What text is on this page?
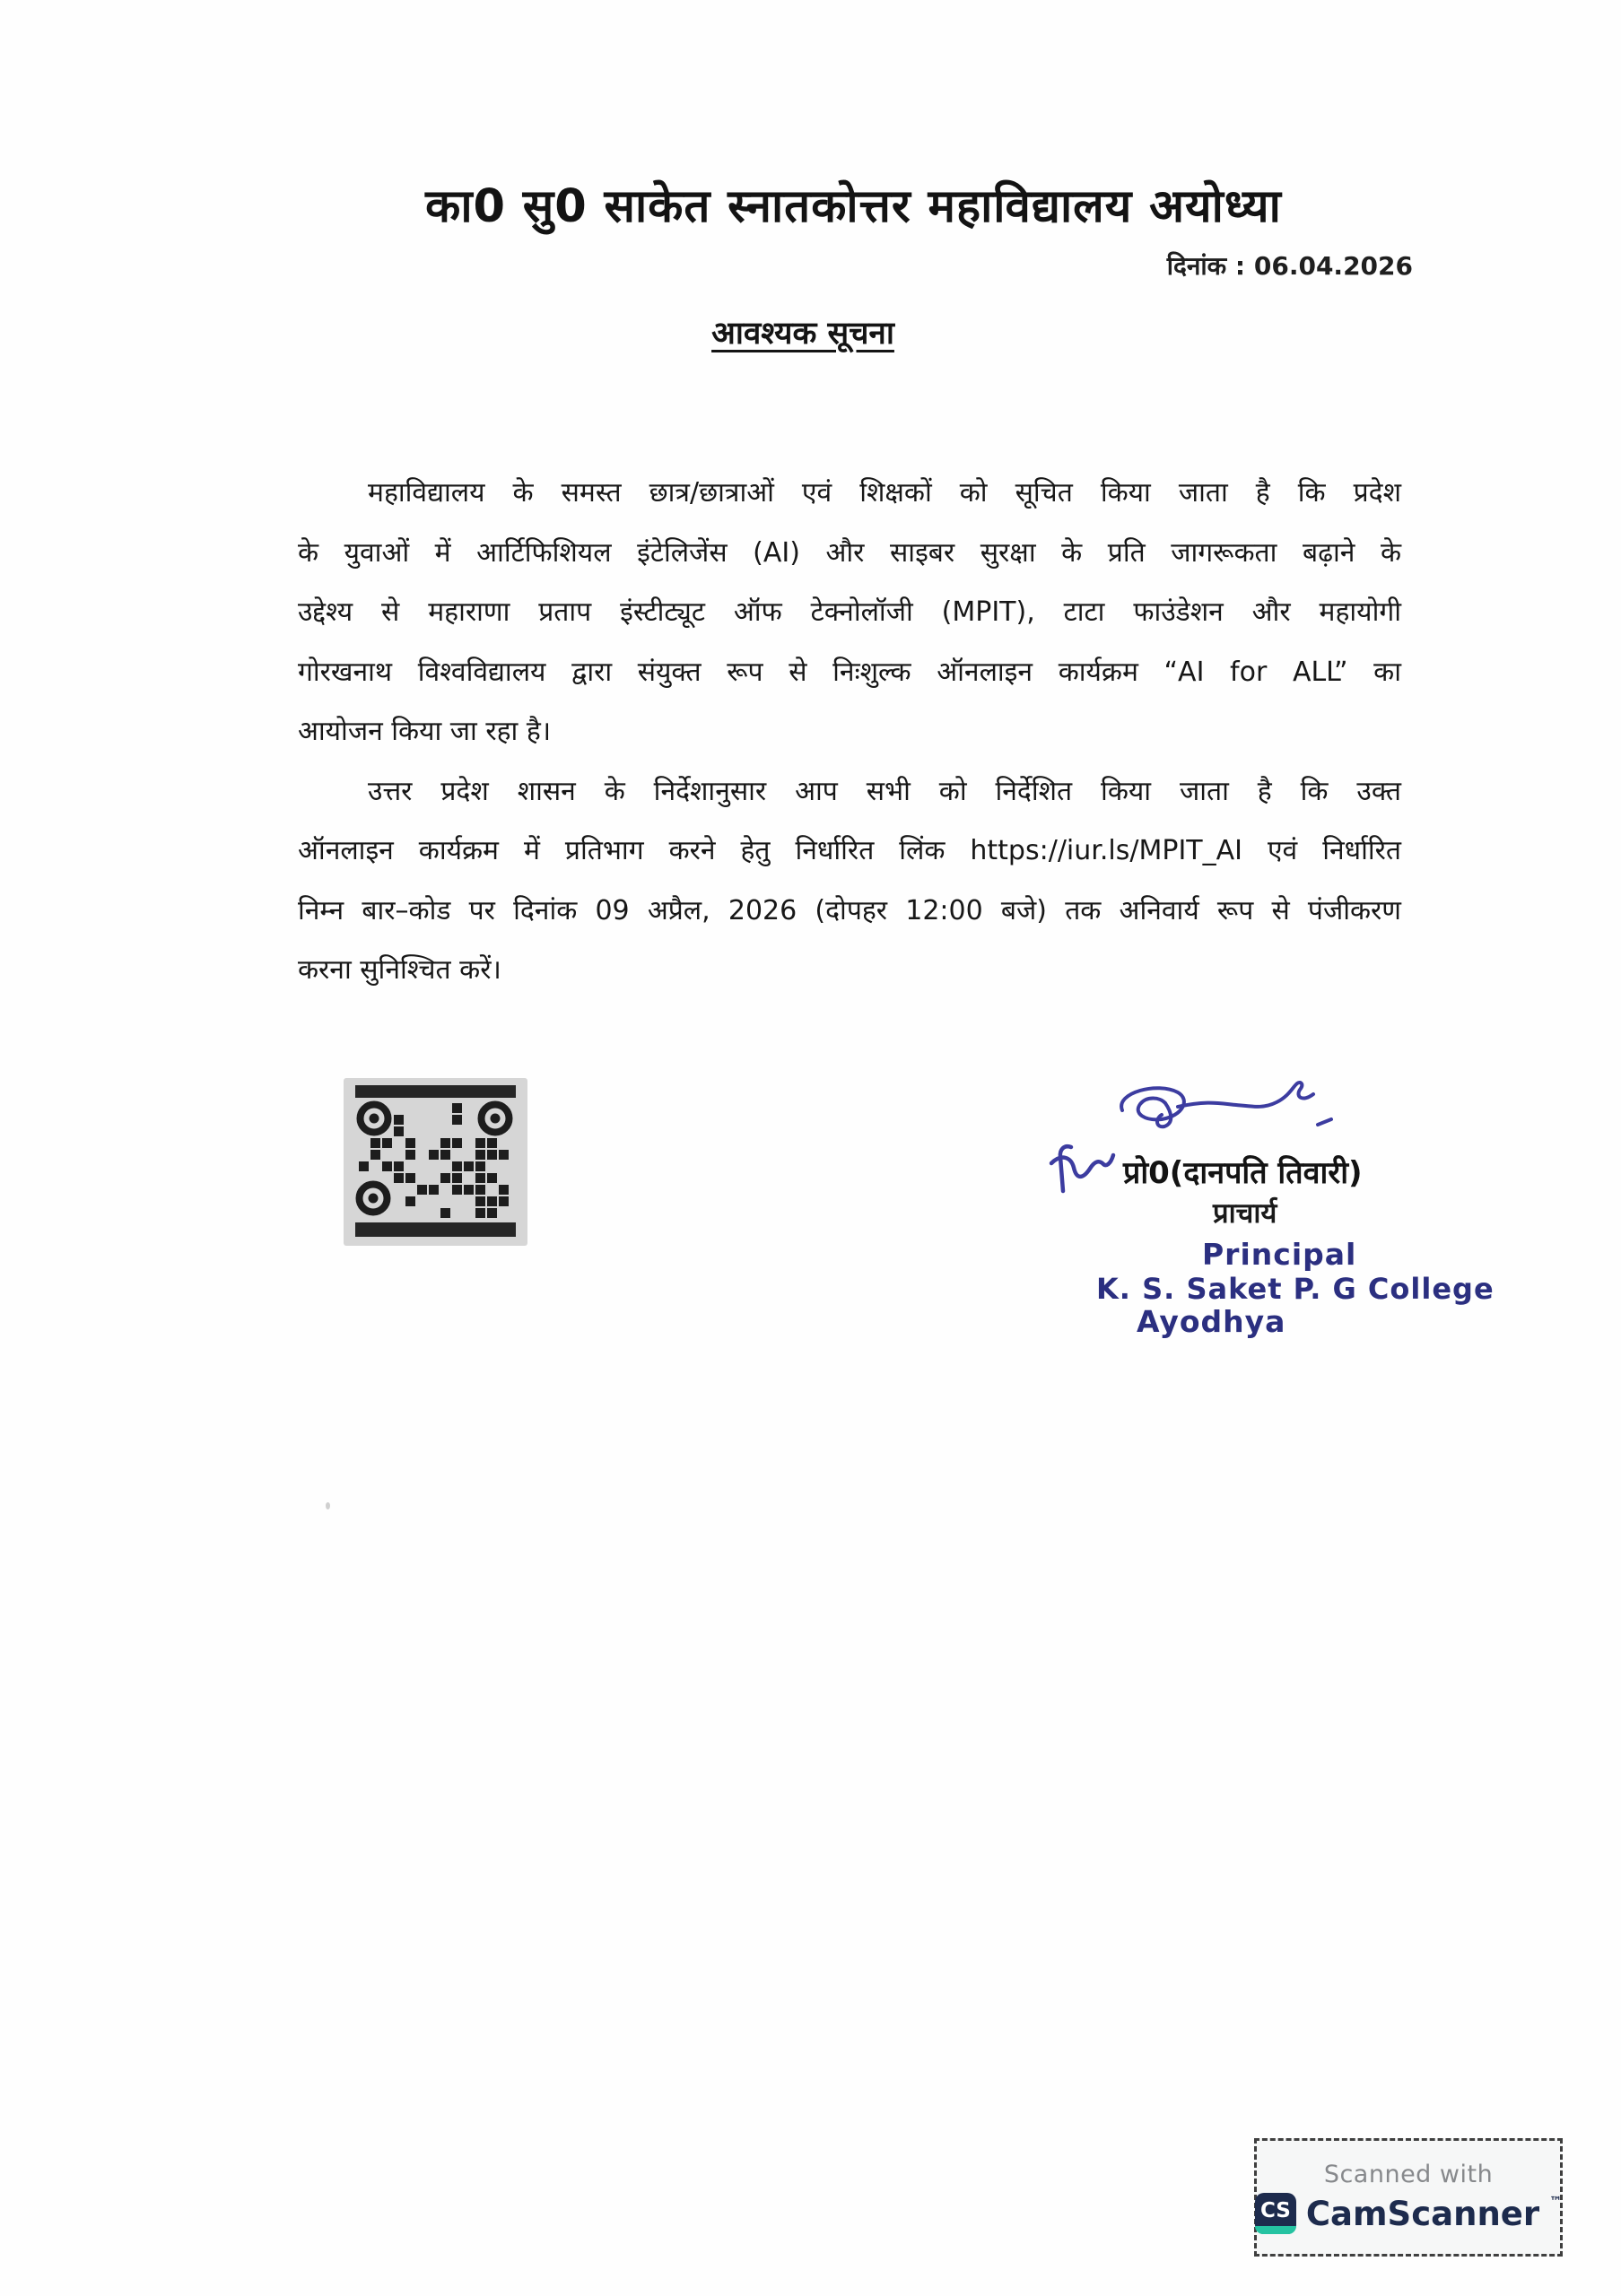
का0 सु0 साकेत स्नातकोत्तर महाविद्यालय अयोध्या
दिनांक : 06.04.2026
आवश्यक सूचना
महाविद्यालय के समस्त छात्र/छात्राओं एवं शिक्षकों को सूचित किया जाता है कि प्रदेश
के युवाओं में आर्टिफिशियल इंटेलिजेंस (AI) और साइबर सुरक्षा के प्रति जागरूकता बढ़ाने के
उद्देश्य से महाराणा प्रताप इंस्टीट्यूट ऑफ टेक्नोलॉजी (MPIT), टाटा फाउंडेशन और महायोगी
गोरखनाथ विश्वविद्यालय द्वारा संयुक्त रूप से निःशुल्क ऑनलाइन कार्यक्रम “AI for ALL” का
आयोजन किया जा रहा है।
उत्तर प्रदेश शासन के निर्देशानुसार आप सभी को निर्देशित किया जाता है कि उक्त
ऑनलाइन कार्यक्रम में प्रतिभाग करने हेतु निर्धारित लिंक https://iur.ls/MPIT_AI एवं निर्धारित
निम्न बार–कोड पर दिनांक 09 अप्रैल, 2026 (दोपहर 12:00 बजे) तक अनिवार्य रूप से पंजीकरण
करना सुनिश्चित करें।
प्रो0(दानपति तिवारी)
प्राचार्य
Principal
K. S. Saket P. G College
Ayodhya
Scanned with
CS CamScanner ™
